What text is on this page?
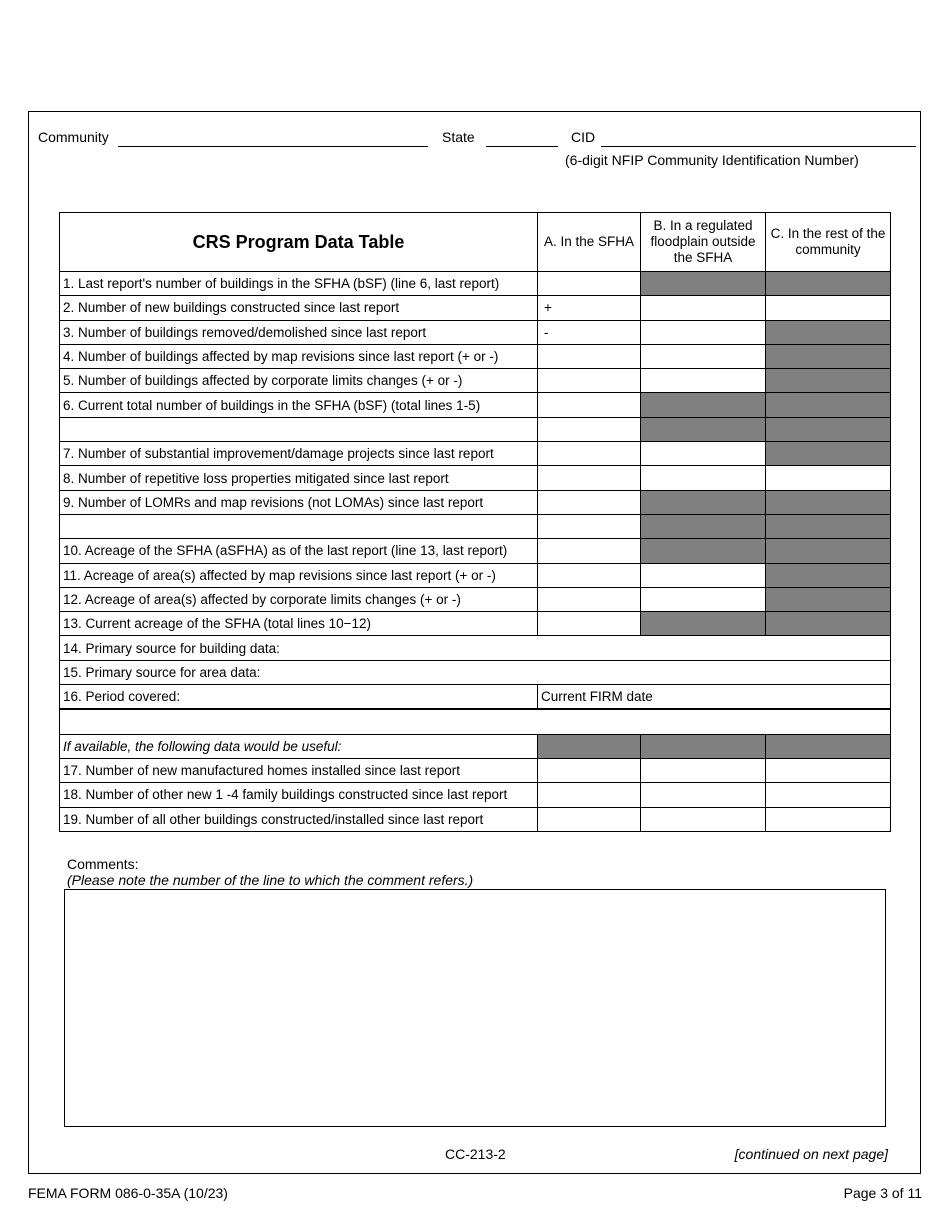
Community	State	CID
(6-digit NFIP Community Identification Number)
CRS Program Data Table	A. In the SFHA	B. In a regulated floodplain outside the SFHA	C. In the rest of the community
1. Last report's number of buildings in the SFHA (bSF) (line 6, last report)			
2. Number of new buildings constructed since last report	+		
3. Number of buildings removed/demolished since last report	-		
4. Number of buildings affected by map revisions since last report (+ or -)			
5. Number of buildings affected by corporate limits changes (+ or -)			
6. Current total number of buildings in the SFHA (bSF) (total lines 1-5)			

7. Number of substantial improvement/damage projects since last report			
8. Number of repetitive loss properties mitigated since last report			
9. Number of LOMRs and map revisions (not LOMAs) since last report			

10. Acreage of the SFHA (aSFHA) as of the last report (line 13, last report)			
11. Acreage of area(s) affected by map revisions since last report (+ or -)			
12. Acreage of area(s) affected by corporate limits changes (+ or -)			
13. Current acreage of the SFHA (total lines 10−12)			
14. Primary source for building data:			
15. Primary source for area data:			
16. Period covered:	Current FIRM date		

If available, the following data would be useful:			
17. Number of new manufactured homes installed since last report			
18. Number of other new 1 -4 family buildings constructed since last report			
19. Number of all other buildings constructed/installed since last report			
Comments:
(Please note the number of the line to which the comment refers.)
CC-213-2	[continued on next page]
FEMA FORM 086-0-35A (10/23)	Page 3 of 11
